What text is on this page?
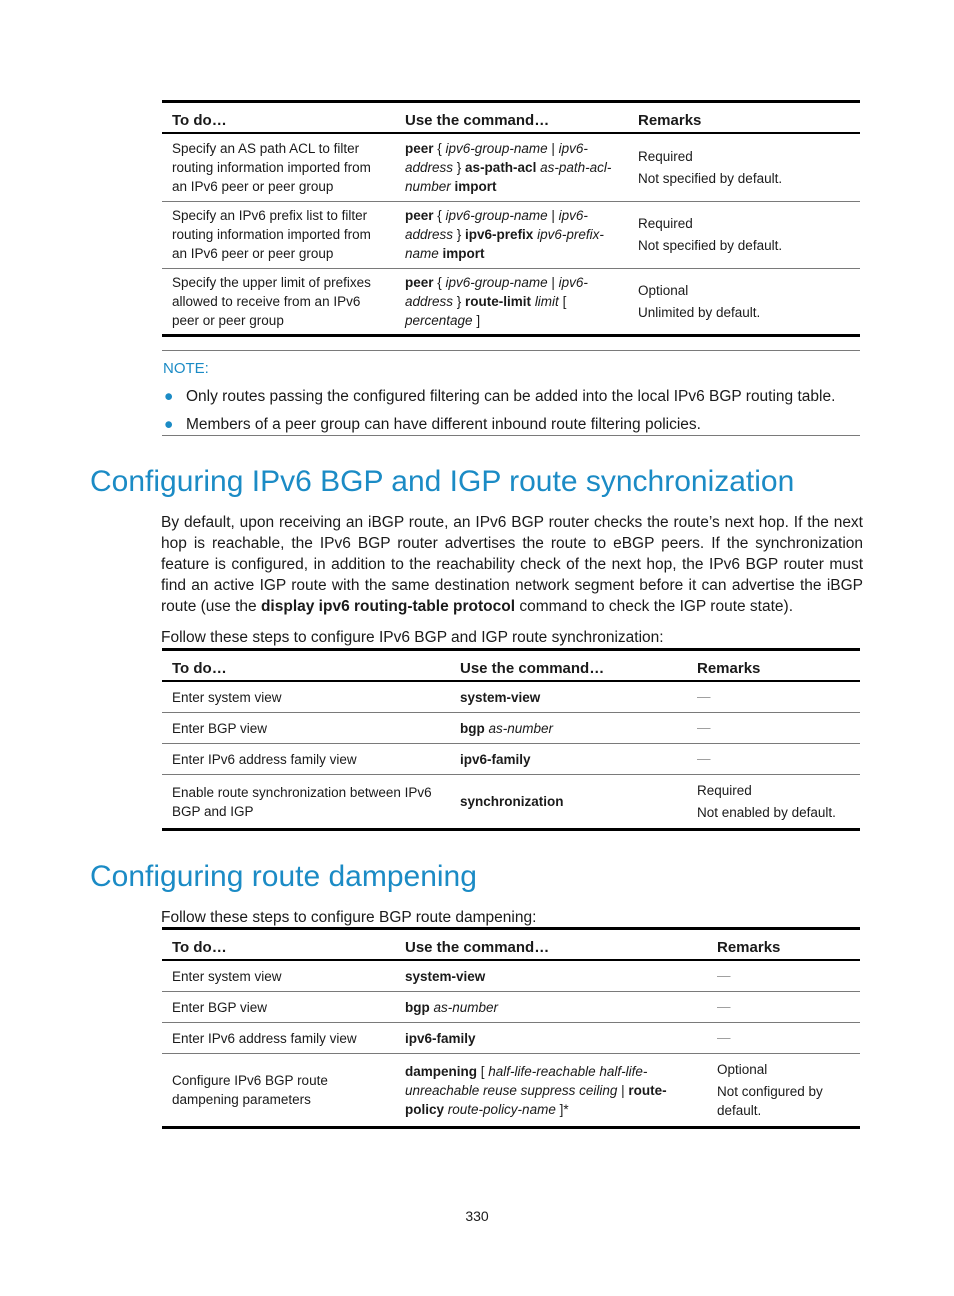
To do…	Use the command…	Remarks
Specify an AS path ACL to filter routing information imported from an IPv6 peer or peer group	peer { ipv6-group-name | ipv6-address } as-path-acl as-path-acl-number import	Required

Not specified by default.

Specify an IPv6 prefix list to filter routing information imported from an IPv6 peer or peer group	peer { ipv6-group-name | ipv6-address } ipv6-prefix ipv6-prefix-name import	Required

Not specified by default.

Specify the upper limit of prefixes allowed to receive from an IPv6 peer or peer group	peer { ipv6-group-name | ipv6-address } route-limit limit [ percentage ]	Optional

Unlimited by default.

NOTE:
● Only routes passing the configured filtering can be added into the local IPv6 BGP routing table.
● Members of a peer group can have different inbound route filtering policies.
Configuring IPv6 BGP and IGP route synchronization

By default, upon receiving an iBGP route, an IPv6 BGP router checks the route’s next hop. If the next hop is reachable, the IPv6 BGP router advertises the route to eBGP peers. If the synchronization feature is configured, in addition to the reachability check of the next hop, the IPv6 BGP router must find an active IGP route with the same destination network segment before it can advertise the iBGP route (use the display ipv6 routing-table protocol command to check the IGP route state).

Follow these steps to configure IPv6 BGP and IGP route synchronization:

To do…	Use the command…	Remarks
Enter system view	system-view	—

Enter BGP view	bgp as-number	—

Enter IPv6 address family view	ipv6-family	—

Enable route synchronization between IPv6 BGP and IGP	synchronization	Required

Not enabled by default.

Configuring route dampening

Follow these steps to configure BGP route dampening:

To do…	Use the command…	Remarks
Enter system view	system-view	—

Enter BGP view	bgp as-number	—

Enter IPv6 address family view	ipv6-family	—

Configure IPv6 BGP route dampening parameters	dampening [ half-life-reachable half-life-unreachable reuse suppress ceiling | route-policy route-policy-name ]*	Optional

Not configured by default.

330
